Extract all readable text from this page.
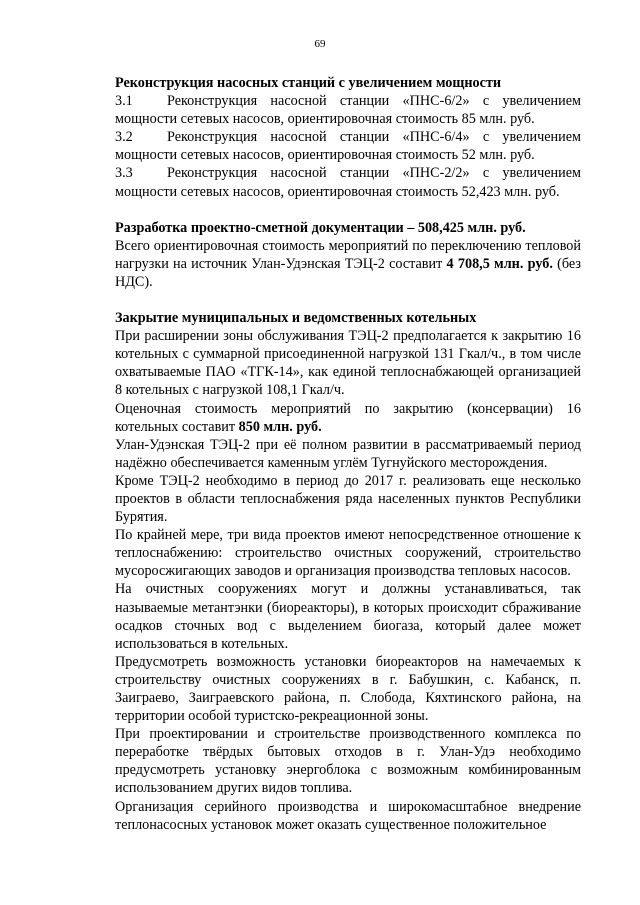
69

Реконструкция насосных станций с увеличением мощности

3.1 Реконструкция насосной станции «ПНС-6/2» с увеличением мощности сетевых насосов, ориентировочная стоимость 85 млн. руб.

3.2 Реконструкция насосной станции «ПНС-6/4» с увеличением мощности сетевых насосов, ориентировочная стоимость 52 млн. руб.

3.3 Реконструкция насосной станции «ПНС-2/2» с увеличением мощности сетевых насосов, ориентировочная стоимость 52,423 млн. руб.

Разработка проектно-сметной документации – 508,425 млн. руб.

Всего ориентировочная стоимость мероприятий по переключению тепловой нагрузки на источник Улан-Удэнская ТЭЦ-2 составит 4 708,5 млн. руб. (без НДС).

Закрытие муниципальных и ведомственных котельных

При расширении зоны обслуживания ТЭЦ-2 предполагается к закрытию 16 котельных с суммарной присоединенной нагрузкой 131 Гкал/ч., в том числе охватываемые ПАО «ТГК-14», как единой теплоснабжающей организацией 8 котельных с нагрузкой 108,1 Гкал/ч.

Оценочная стоимость мероприятий по закрытию (консервации) 16 котельных составит 850 млн. руб.

Улан-Удэнская ТЭЦ-2 при её полном развитии в рассматриваемый период надёжно обеспечивается каменным углём Тугнуйского месторождения.

Кроме ТЭЦ-2 необходимо в период до 2017 г. реализовать еще несколько проектов в области теплоснабжения ряда населенных пунктов Республики Бурятия.

По крайней мере, три вида проектов имеют непосредственное отношение к теплоснабжению: строительство очистных сооружений, строительство мусоросжигающих заводов и организация производства тепловых насосов.

На очистных сооружениях могут и должны устанавливаться, так называемые метантэнки (биореакторы), в которых происходит сбраживание осадков сточных вод с выделением биогаза, который далее может использоваться в котельных.

Предусмотреть возможность установки биореакторов на намечаемых к строительству очистных сооружениях в г. Бабушкин, с. Кабанск, п. Заиграево, Заиграевского района, п. Слобода, Кяхтинского района, на территории особой туристско-рекреационной зоны.

При проектировании и строительстве производственного комплекса по переработке твёрдых бытовых отходов в г. Улан-Удэ необходимо предусмотреть установку энергоблока с возможным комбинированным использованием других видов топлива.

Организация серийного производства и широкомасштабное внедрение теплонасосных установок может оказать существенное положительное
